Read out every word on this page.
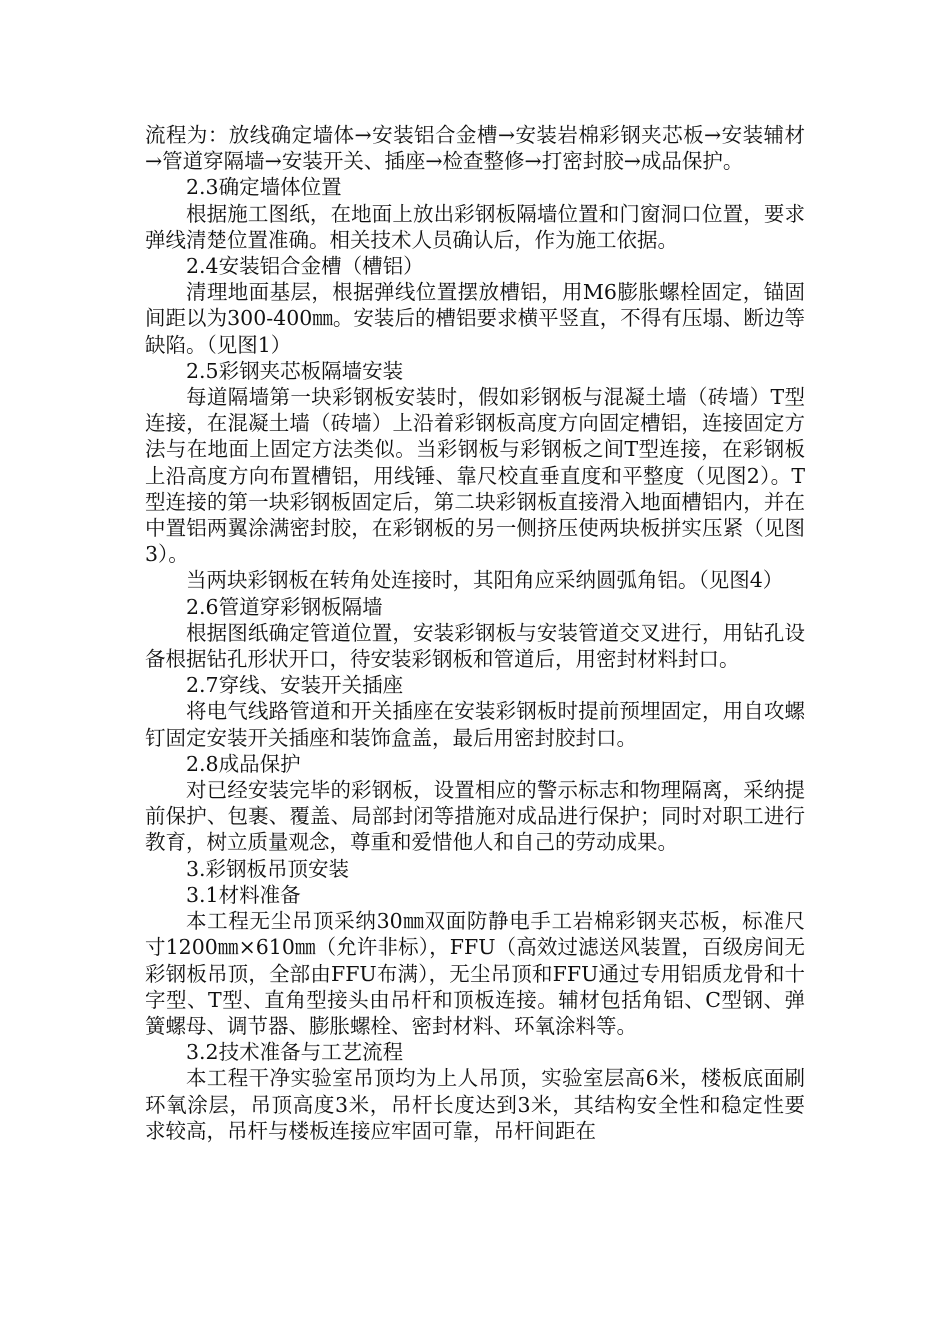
流程为：放线确定墙体→安装铝合金槽→安装岩棉彩钢夹芯板→安装辅材→管道穿隔墙→安装开关、插座→检查整修→打密封胶→成品保护。

2.3确定墙体位置

根据施工图纸，在地面上放出彩钢板隔墙位置和门窗洞口位置，要求弹线清楚位置准确。相关技术人员确认后，作为施工依据。

2.4安装铝合金槽（槽铝）

清理地面基层，根据弹线位置摆放槽铝，用M6膨胀螺栓固定，锚固间距以为300-400㎜。安装后的槽铝要求横平竖直，不得有压塌、断边等缺陷。（见图1）

2.5彩钢夹芯板隔墙安装

每道隔墙第一块彩钢板安装时，假如彩钢板与混凝土墙（砖墙）T型连接，在混凝土墙（砖墙）上沿着彩钢板高度方向固定槽铝，连接固定方法与在地面上固定方法类似。当彩钢板与彩钢板之间T型连接，在彩钢板上沿高度方向布置槽铝，用线锤、靠尺校直垂直度和平整度（见图2）。T型连接的第一块彩钢板固定后，第二块彩钢板直接滑入地面槽铝内，并在中置铝两翼涂满密封胶，在彩钢板的另一侧挤压使两块板拼实压紧（见图3）。

当两块彩钢板在转角处连接时，其阳角应采纳圆弧角铝。（见图4）

2.6管道穿彩钢板隔墙

根据图纸确定管道位置，安装彩钢板与安装管道交叉进行，用钻孔设备根据钻孔形状开口，待安装彩钢板和管道后，用密封材料封口。

2.7穿线、安装开关插座

将电气线路管道和开关插座在安装彩钢板时提前预埋固定，用自攻螺钉固定安装开关插座和装饰盒盖，最后用密封胶封口。

2.8成品保护

对已经安装完毕的彩钢板，设置相应的警示标志和物理隔离，采纳提前保护、包裹、覆盖、局部封闭等措施对成品进行保护；同时对职工进行教育，树立质量观念，尊重和爱惜他人和自己的劳动成果。

3.彩钢板吊顶安装

3.1材料准备

本工程无尘吊顶采纳30㎜双面防静电手工岩棉彩钢夹芯板，标准尺寸1200㎜×610㎜（允许非标），FFU（高效过滤送风装置，百级房间无彩钢板吊顶，全部由FFU布满），无尘吊顶和FFU通过专用铝质龙骨和十字型、T型、直角型接头由吊杆和顶板连接。辅材包括角铝、C型钢、弹簧螺母、调节器、膨胀螺栓、密封材料、环氧涂料等。

3.2技术准备与工艺流程

本工程干净实验室吊顶均为上人吊顶，实验室层高6米，楼板底面刷环氧涂层，吊顶高度3米，吊杆长度达到3米，其结构安全性和稳定性要求较高，吊杆与楼板连接应牢固可靠，吊杆间距在
